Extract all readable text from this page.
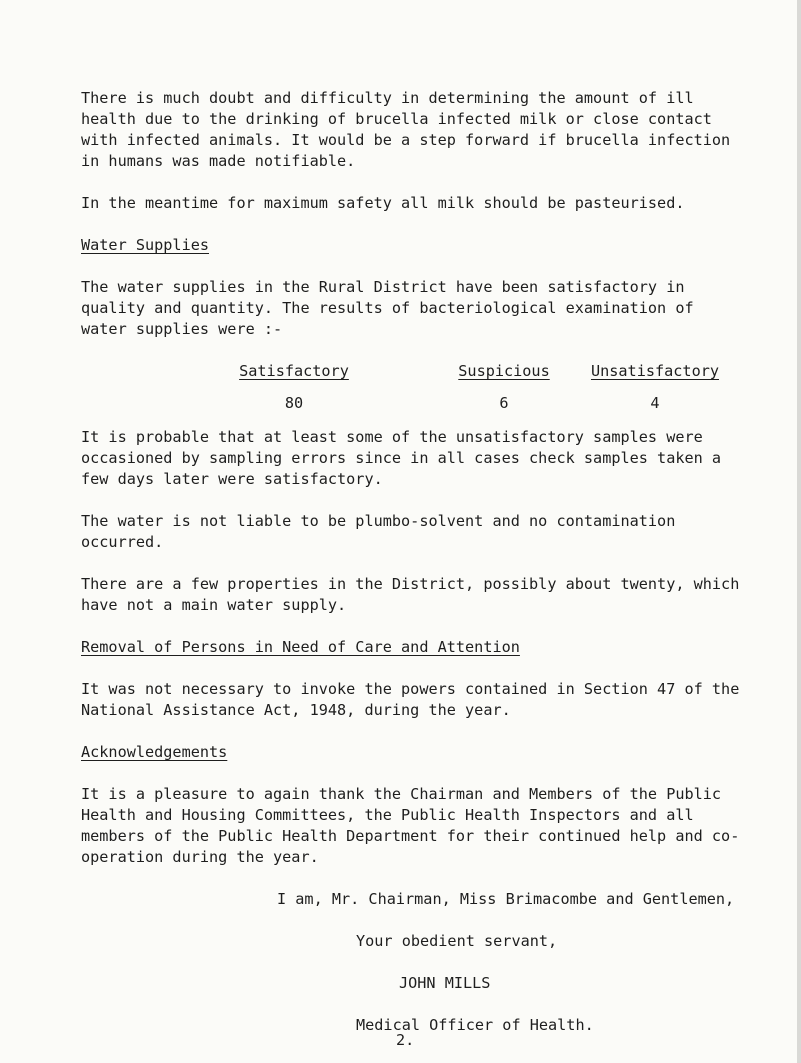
There is much doubt and difficulty in determining the amount of ill health due to the drinking of brucella infected milk or close contact with infected animals. It would be a step forward if brucella infection in humans was made notifiable.

In the meantime for maximum safety all milk should be pasteurised.

Water Supplies

The water supplies in the Rural District have been satisfactory in quality and quantity. The results of bacteriological examination of water supplies were :-

Satisfactory
80
Suspicious
6
Unsatisfactory
4

It is probable that at least some of the unsatisfactory samples were occasioned by sampling errors since in all cases check samples taken a few days later were satisfactory.

The water is not liable to be plumbo-solvent and no contamination occurred.

There are a few properties in the District, possibly about twenty, which have not a main water supply.

Removal of Persons in Need of Care and Attention

It was not necessary to invoke the powers contained in Section 47 of the National Assistance Act, 1948, during the year.

Acknowledgements

It is a pleasure to again thank the Chairman and Members of the Public Health and Housing Committees, the Public Health Inspectors and all members of the Public Health Department for their continued help and co-operation during the year.

I am, Mr. Chairman, Miss Brimacombe and Gentlemen,

Your obedient servant,

JOHN MILLS

Medical Officer of Health.

2.
